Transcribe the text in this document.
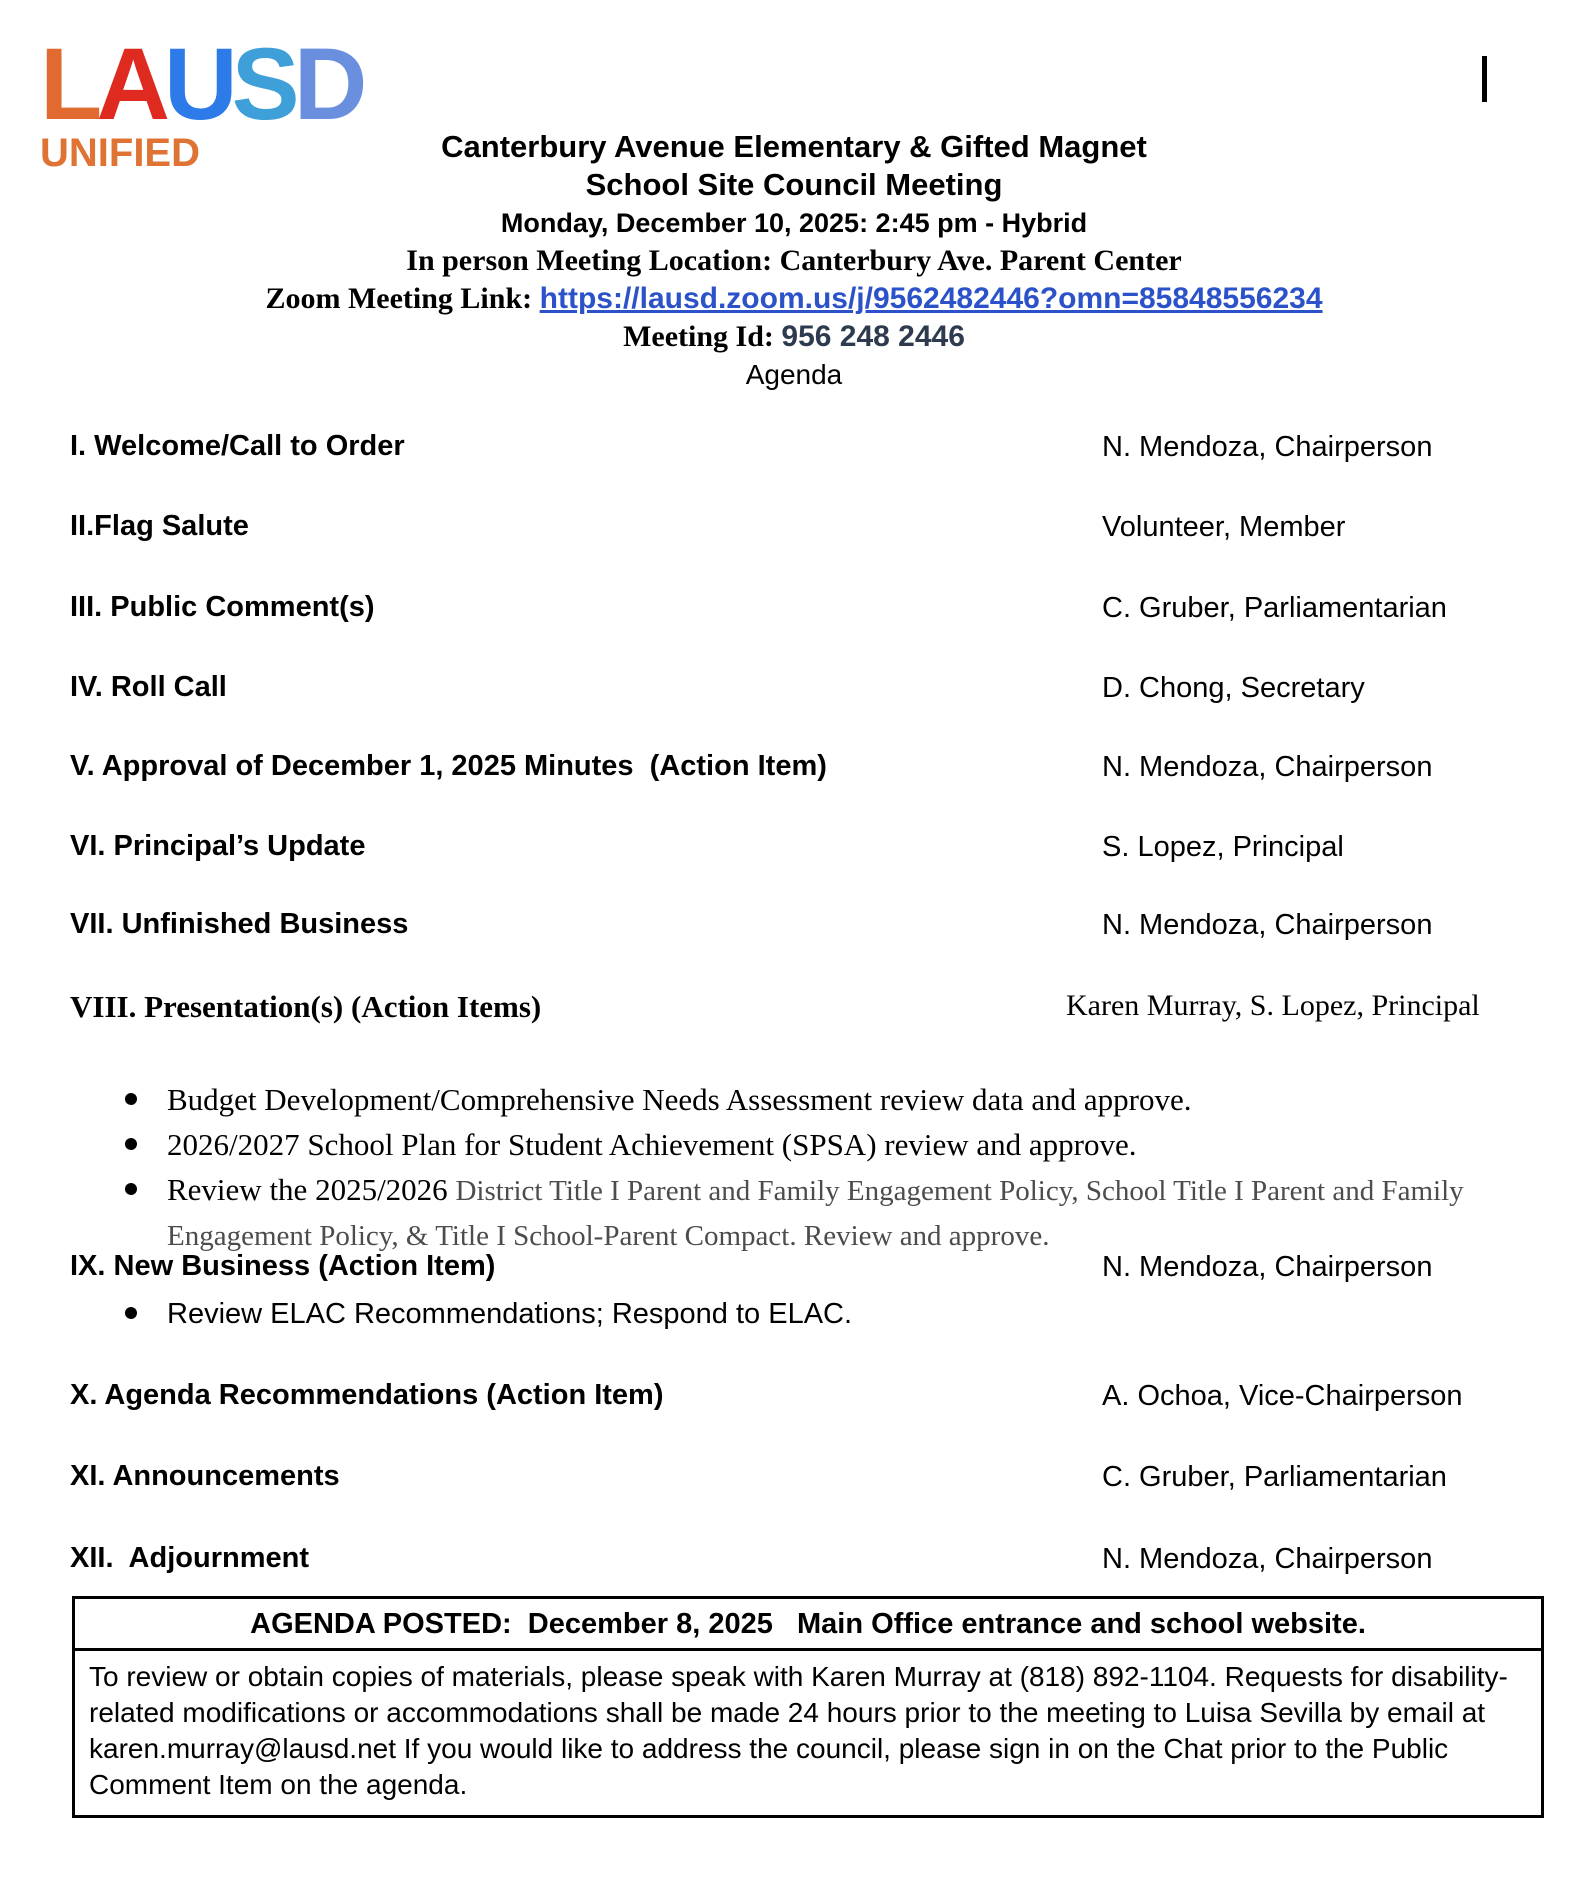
LAUSD
UNIFIED	Canterbury Avenue Elementary & Gifted Magnet
School Site Council Meeting
Monday, December 10, 2025: 2:45 pm - Hybrid
In person Meeting Location: Canterbury Ave. Parent Center
Zoom Meeting Link: https://lausd.zoom.us/j/9562482446?omn=85848556234
Meeting Id: 956 248 2446
Agenda
I. Welcome/Call to Order	N. Mendoza, Chairperson
II.Flag Salute	Volunteer, Member
III. Public Comment(s)	C. Gruber, Parliamentarian
IV. Roll Call	D. Chong, Secretary
V. Approval of December 1, 2025 Minutes  (Action Item)	N. Mendoza, Chairperson
VI. Principal’s Update	S. Lopez, Principal
VII. Unfinished Business	N. Mendoza, Chairperson
VIII. Presentation(s) (Action Items)	Karen Murray, S. Lopez, Principal
Budget Development/Comprehensive Needs Assessment review data and approve.
2026/2027 School Plan for Student Achievement (SPSA) review and approve.
Review the 2025/2026 District Title I Parent and Family Engagement Policy, School Title I Parent and Family Engagement Policy, & Title I School-Parent Compact. Review and approve.
IX. New Business (Action Item)	N. Mendoza, Chairperson
Review ELAC Recommendations; Respond to ELAC.
X. Agenda Recommendations (Action Item)	A. Ochoa, Vice-Chairperson
XI. Announcements	C. Gruber, Parliamentarian
XII.  Adjournment	N. Mendoza, Chairperson
AGENDA POSTED:  December 8, 2025   Main Office entrance and school website.
To review or obtain copies of materials, please speak with Karen Murray at (818) 892-1104. Requests for disability-related modifications or accommodations shall be made 24 hours prior to the meeting to Luisa Sevilla by email at karen.murray@lausd.net If you would like to address the council, please sign in on the Chat prior to the Public Comment Item on the agenda.
